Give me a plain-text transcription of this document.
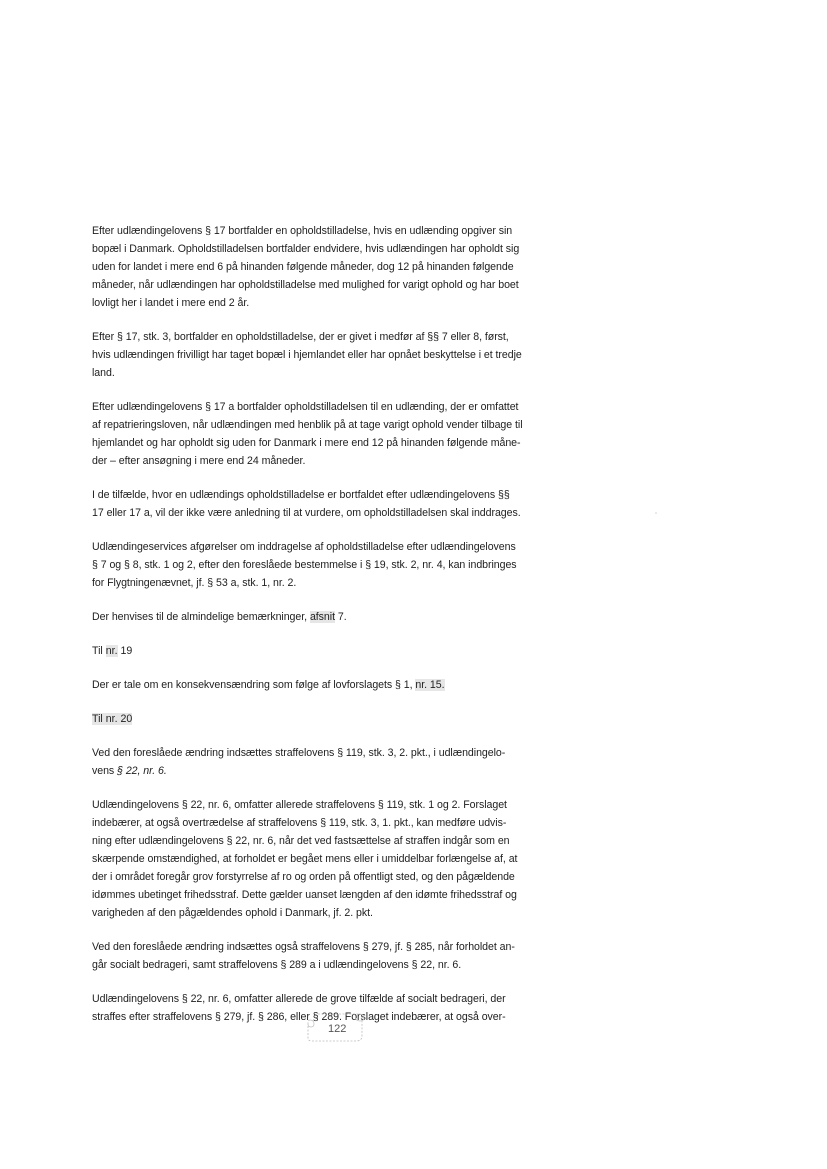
Efter udlændingelovens § 17 bortfalder en opholdstilladelse, hvis en udlænding opgiver sin
bopæl i Danmark. Opholdstilladelsen bortfalder endvidere, hvis udlændingen har opholdt sig
uden for landet i mere end 6 på hinanden følgende måneder, dog 12 på hinanden følgende
måneder, når udlændingen har opholdstilladelse med mulighed for varigt ophold og har boet
lovligt her i landet i mere end 2 år.

Efter § 17, stk. 3, bortfalder en opholdstilladelse, der er givet i medfør af §§ 7 eller 8, først,
hvis udlændingen frivilligt har taget bopæl i hjemlandet eller har opnået beskyttelse i et tredje
land.

Efter udlændingelovens § 17 a bortfalder opholdstilladelsen til en udlænding, der er omfattet
af repatrieringsloven, når udlændingen med henblik på at tage varigt ophold vender tilbage til
hjemlandet og har opholdt sig uden for Danmark i mere end 12 på hinanden følgende måne-
der – efter ansøgning i mere end 24 måneder.

I de tilfælde, hvor en udlændings opholdstilladelse er bortfaldet efter udlændingelovens §§
17 eller 17 a, vil der ikke være anledning til at vurdere, om opholdstilladelsen skal inddrages.

Udlændingeservices afgørelser om inddragelse af opholdstilladelse efter udlændingelovens
§ 7 og § 8, stk. 1 og 2, efter den foreslåede bestemmelse i § 19, stk. 2, nr. 4, kan indbringes
for Flygtningenævnet, jf. § 53 a, stk. 1, nr. 2.

Der henvises til de almindelige bemærkninger, afsnit 7.

Til nr. 19

Der er tale om en konsekvensændring som følge af lovforslagets § 1, nr. 15.

Til nr. 20

Ved den foreslåede ændring indsættes straffelovens § 119, stk. 3, 2. pkt., i udlændingelo-
vens § 22, nr. 6.

Udlændingelovens § 22, nr. 6, omfatter allerede straffelovens § 119, stk. 1 og 2. Forslaget
indebærer, at også overtrædelse af straffelovens § 119, stk. 3, 1. pkt., kan medføre udvis-
ning efter udlændingelovens § 22, nr. 6, når det ved fastsættelse af straffen indgår som en
skærpende omstændighed, at forholdet er begået mens eller i umiddelbar forlængelse af, at
der i området foregår grov forstyrrelse af ro og orden på offentligt sted, og den pågældende
idømmes ubetinget frihedsstraf. Dette gælder uanset længden af den idømte frihedsstraf og
varigheden af den pågældendes ophold i Danmark, jf. 2. pkt.

Ved den foreslåede ændring indsættes også straffelovens § 279, jf. § 285, når forholdet an-
går socialt bedrageri, samt straffelovens § 289 a i udlændingelovens § 22, nr. 6.

Udlændingelovens § 22, nr. 6, omfatter allerede de grove tilfælde af socialt bedrageri, der
straffes efter straffelovens § 279, jf. § 286, eller § 289. Forslaget indebærer, at også over-

122
